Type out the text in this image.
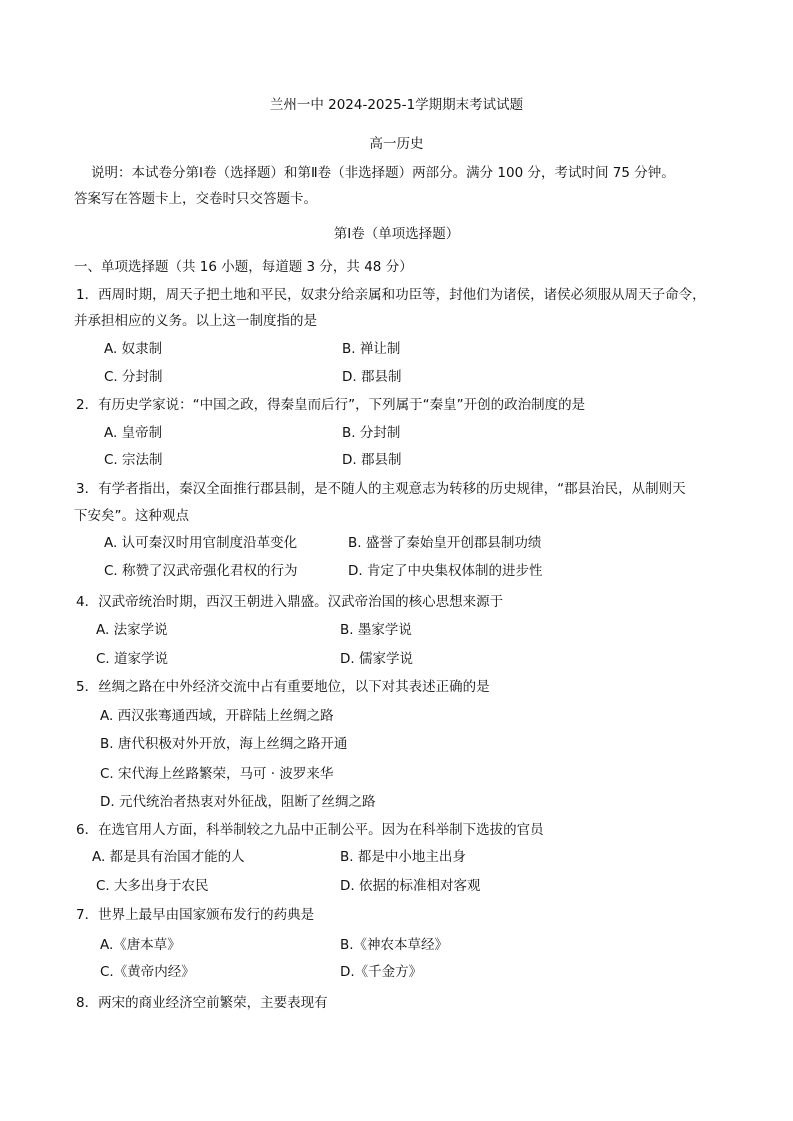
兰州一中 2024-2025-1学期期末考试试题
高一历史
说明：本试卷分第Ⅰ卷（选择题）和第Ⅱ卷（非选择题）两部分。满分 100 分，考试时间 75 分钟。
答案写在答题卡上，交卷时只交答题卡。
第Ⅰ卷（单项选择题）
一、单项选择题（共 16 小题，每道题 3 分，共 48 分）
1．西周时期，周天子把土地和平民，奴隶分给亲属和功臣等，封他们为诸侯，诸侯必须服从周天子命令，
并承担相应的义务。以上这一制度指的是
A. 奴隶制	B. 禅让制
C. 分封制	D. 郡县制
2．有历史学家说：“中国之政，得秦皇而后行”，下列属于“秦皇”开创的政治制度的是
A. 皇帝制	B. 分封制
C. 宗法制	D. 郡县制
3．有学者指出，秦汉全面推行郡县制，是不随人的主观意志为转移的历史规律，“郡县治民，从制则天
下安矣”。这种观点
A. 认可秦汉时用官制度沿革变化	B. 盛誉了秦始皇开创郡县制功绩
C. 称赞了汉武帝强化君权的行为	D. 肯定了中央集权体制的进步性
4．汉武帝统治时期，西汉王朝进入鼎盛。汉武帝治国的核心思想来源于
A. 法家学说	B. 墨家学说
C. 道家学说	D. 儒家学说
5．丝绸之路在中外经济交流中占有重要地位，以下对其表述正确的是
A. 西汉张骞通西域，开辟陆上丝绸之路
B. 唐代积极对外开放，海上丝绸之路开通
C. 宋代海上丝路繁荣，马可 · 波罗来华
D. 元代统治者热衷对外征战，阻断了丝绸之路
6．在选官用人方面，科举制较之九品中正制公平。因为在科举制下选拔的官员
A. 都是具有治国才能的人	B. 都是中小地主出身
C. 大多出身于农民	D. 依据的标准相对客观
7．世界上最早由国家颁布发行的药典是
A.《唐本草》	B.《神农本草经》
C.《黄帝内经》	D.《千金方》
8．两宋的商业经济空前繁荣，主要表现有
